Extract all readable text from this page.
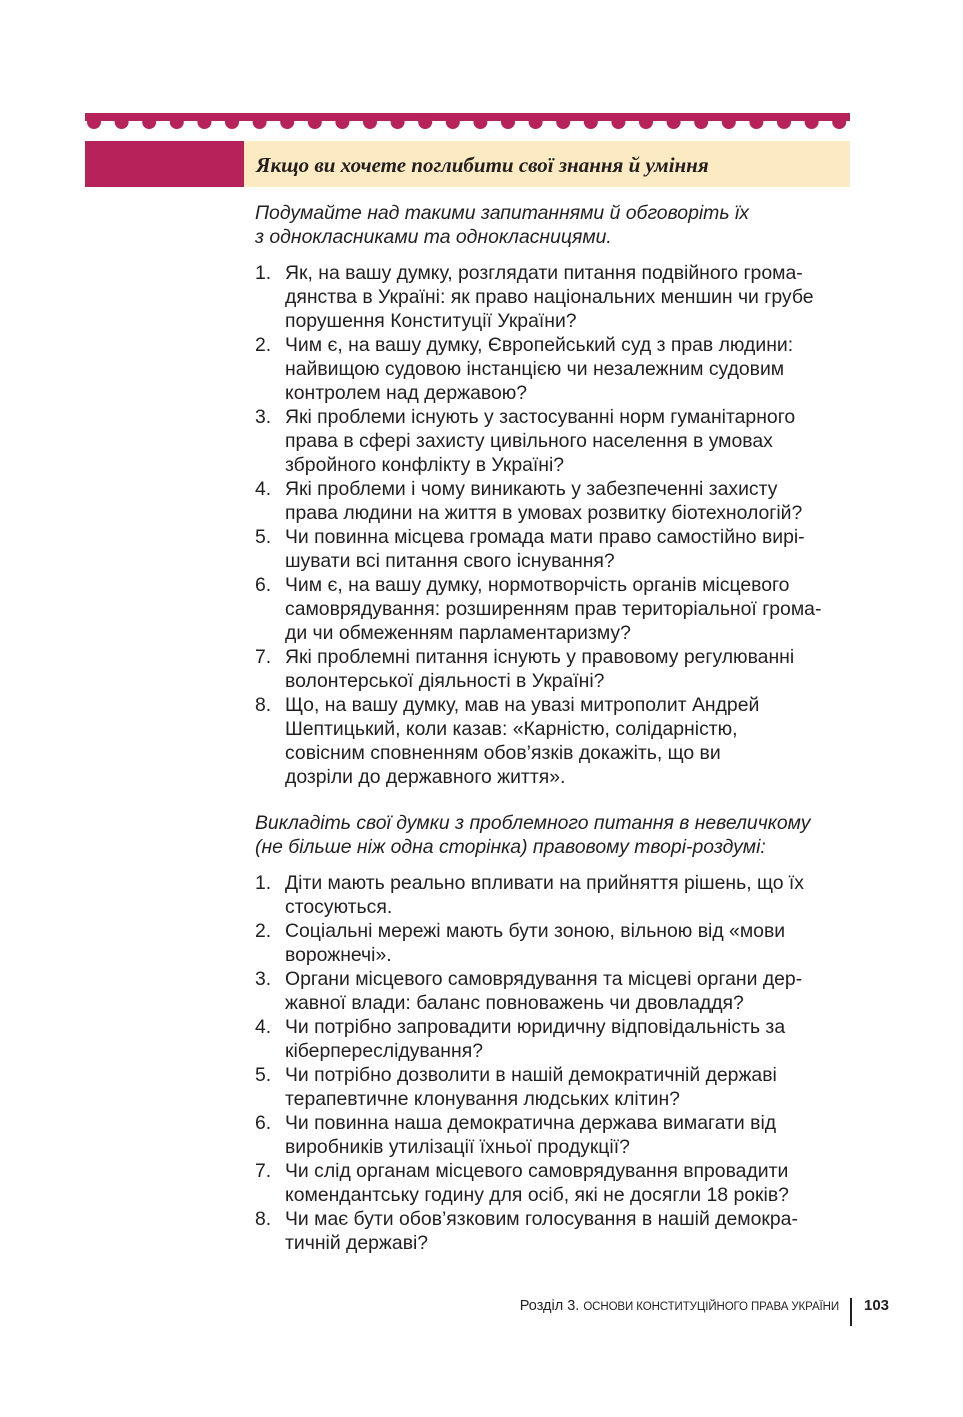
Якщо ви хочете поглибити свої знання й уміння

Подумайте над такими запитаннями й обговоріть їх
з однокласниками та однокласницями.

1. Як, на вашу думку, розглядати питання подвійного грома-
дянства в Україні: як право національних меншин чи грубе
порушення Конституції України?
2. Чим є, на вашу думку, Європейський суд з прав людини:
найвищою судовою інстанцією чи незалежним судовим
контролем над державою?
3. Які проблеми існують у застосуванні норм гуманітарного
права в сфері захисту цивільного населення в умовах
збройного конфлікту в Україні?
4. Які проблеми і чому виникають у забезпеченні захисту
права людини на життя в умовах розвитку біотехнологій?
5. Чи повинна місцева громада мати право самостійно вирі-
шувати всі питання свого існування?
6. Чим є, на вашу думку, нормотворчість органів місцевого
самоврядування: розширенням прав територіальної грома-
ди чи обмеженням парламентаризму?
7. Які проблемні питання існують у правовому регулюванні
волонтерської діяльності в Україні?
8. Що, на вашу думку, мав на увазі митрополит Андрей
Шептицький, коли казав: «Карністю, солідарністю,
совісним сповненням обов’язків докажіть, що ви
дозріли до державного життя».

Викладіть свої думки з проблемного питання в невеличкому
(не більше ніж одна сторінка) правовому творі-роздумі:

1. Діти мають реально впливати на прийняття рішень, що їх
стосуються.
2. Соціальні мережі мають бути зоною, вільною від «мови
ворожнечі».
3. Органи місцевого самоврядування та місцеві органи дер-
жавної влади: баланс повноважень чи двовладдя?
4. Чи потрібно запровадити юридичну відповідальність за
кіберпереслідування?
5. Чи потрібно дозволити в нашій демократичній державі
терапевтичне клонування людських клітин?
6. Чи повинна наша демократична держава вимагати від
виробників утилізації їхньої продукції?
7. Чи слід органам місцевого самоврядування впровадити
комендантську годину для осіб, які не досягли 18 років?
8. Чи має бути обов’язковим голосування в нашій демокра-
тичній державі?
Розділ 3. ОСНОВИ КОНСТИТУЦІЙНОГО ПРАВА УКРАЇНИ 103
